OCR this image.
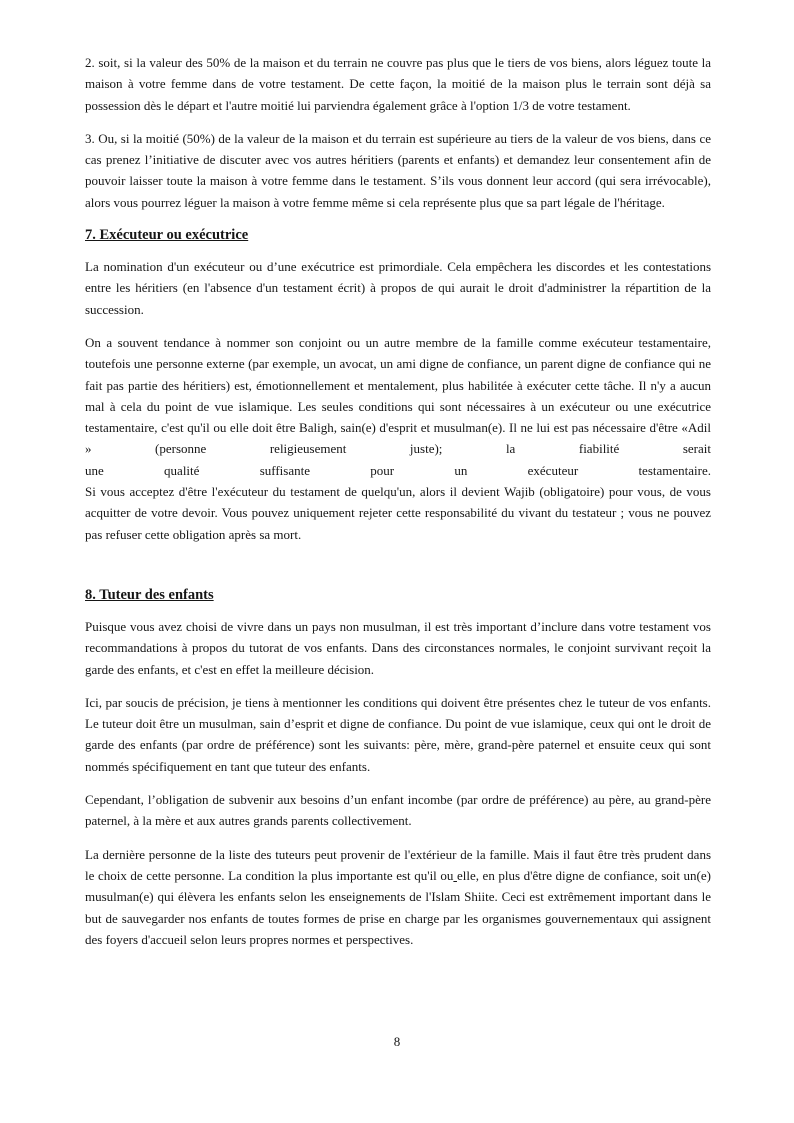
2. soit, si la valeur des 50% de la maison et du terrain ne couvre pas plus que le tiers de vos biens, alors léguez toute la maison à votre femme dans de votre testament. De cette façon, la moitié de la maison plus le terrain sont déjà sa possession dès le départ et l'autre moitié lui parviendra également grâce à l'option 1/3 de votre testament.

3. Ou, si la moitié (50%) de la valeur de la maison et du terrain est supérieure au tiers de la valeur de vos biens, dans ce cas prenez l’initiative de discuter avec vos autres héritiers (parents et enfants) et demandez leur consentement afin de pouvoir laisser toute la maison à votre femme dans le testament. S’ils vous donnent leur accord (qui sera irrévocable), alors vous pourrez léguer la maison à votre femme même si cela représente plus que sa part légale de l'héritage.

7. Exécuteur ou exécutrice

La nomination d'un exécuteur ou d’une exécutrice est primordiale. Cela empêchera les discordes et les contestations entre les héritiers (en l'absence d'un testament écrit) à propos de qui aurait le droit d'administrer la répartition de la succession.

On a souvent tendance à nommer son conjoint ou un autre membre de la famille comme exécuteur testamentaire, toutefois une personne externe (par exemple, un avocat, un ami digne de confiance, un parent digne de confiance qui ne fait pas partie des héritiers) est, émotionnellement et mentalement, plus habilitée à exécuter cette tâche. Il n'y a aucun mal à cela du point de vue islamique. Les seules conditions qui sont nécessaires à un exécuteur ou une exécutrice testamentaire, c'est qu'il ou elle doit être Baligh, sain(e) d'esprit et musulman(e). Il ne lui est pas nécessaire d'être «Adil » (personne religieusement juste); la fiabilité serait
une qualité suffisante pour un exécuteur testamentaire.
Si vous acceptez d'être l'exécuteur du testament de quelqu'un, alors il devient Wajib (obligatoire) pour vous, de vous acquitter de votre devoir. Vous pouvez uniquement rejeter cette responsabilité du vivant du testateur ; vous ne pouvez pas refuser cette obligation après sa mort.
8. Tuteur des enfants

Puisque vous avez choisi de vivre dans un pays non musulman, il est très important d’inclure dans votre testament vos recommandations à propos du tutorat de vos enfants. Dans des circonstances normales, le conjoint survivant reçoit la garde des enfants, et c'est en effet la meilleure décision.

Ici, par soucis de précision, je tiens à mentionner les conditions qui doivent être présentes chez le tuteur de vos enfants. Le tuteur doit être un musulman, sain d’esprit et digne de confiance. Du point de vue islamique, ceux qui ont le droit de garde des enfants (par ordre de préférence) sont les suivants: père, mère, grand-père paternel et ensuite ceux qui sont nommés spécifiquement en tant que tuteur des enfants.

Cependant, l’obligation de subvenir aux besoins d’un enfant incombe (par ordre de préférence) au père, au grand-père paternel, à la mère et aux autres grands parents collectivement.

La dernière personne de la liste des tuteurs peut provenir de l'extérieur de la famille. Mais il faut être très prudent dans le choix de cette personne. La condition la plus importante est qu'il ou elle, en plus d'être digne de confiance, soit un(e) musulman(e) qui élèvera les enfants selon les enseignements de l'Islam Shiite. Ceci est extrêmement important dans le but de sauvegarder nos enfants de toutes formes de prise en charge par les organismes gouvernementaux qui assignent des foyers d'accueil selon leurs propres normes et perspectives.

8
